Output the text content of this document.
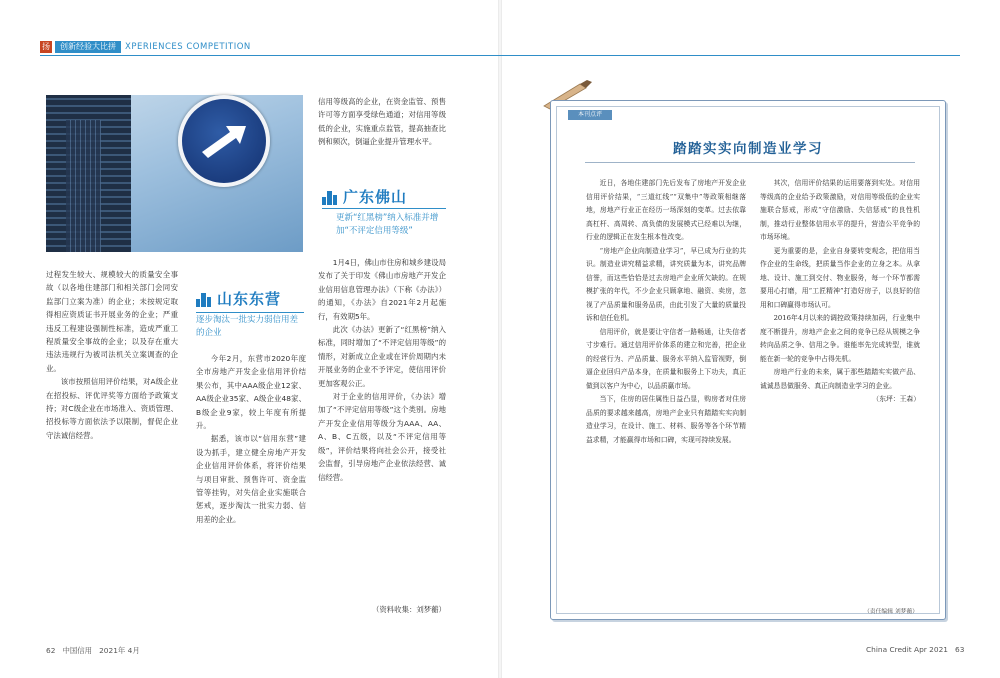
扬	创新经验大比拼	XPERIENCES COMPETITION

过程发生较大、规模较大的质量安全事故（以各地住建部门和相关部门会同安监部门立案为准）的企业；未按规定取得相应资质证书开展业务的企业；严重违反工程建设强制性标准，造成严重工程质量安全事故的企业；以及存在重大违法违规行为被司法机关立案调查的企业。

该市按照信用评价结果，对A级企业在招投标、评优评奖等方面给予政策支持；对C级企业在市场准入、资质管理、招投标等方面依法予以限制，督促企业守法诚信经营。

山东东营
逐步淘汰一批实力弱信用差的企业

今年2月，东营市2020年度全市房地产开发企业信用评价结果公布，其中AAA级企业12家、AA级企业35家、A级企业48家、B级企业9家，较上年度有所提升。

据悉，该市以“信用东营”建设为抓手，建立健全房地产开发企业信用评价体系，将评价结果与项目审批、预售许可、资金监管等挂钩，对失信企业实施联合惩戒，逐步淘汰一批实力弱、信用差的企业。

信用等级高的企业，在资金监管、预售许可等方面享受绿色通道；对信用等级低的企业，实施重点监管，提高抽查比例和频次，倒逼企业提升管理水平。

广东佛山
更新“红黑榜”纳入标准并增加“不评定信用等级”

1月4日，佛山市住房和城乡建设局发布了关于印发《佛山市房地产开发企业信用信息管理办法》（下称《办法》）的通知，《办法》自2021年2月起施行，有效期5年。

此次《办法》更新了“红黑榜”纳入标准，同时增加了“不评定信用等级”的情形，对新成立企业或在评价周期内未开展业务的企业不予评定，使信用评价更加客观公正。

对于企业的信用评价，《办法》增加了“不评定信用等级”这个类别。房地产开发企业信用等级分为AAA、AA、A、B、C五级，以及“不评定信用等级”，评价结果将向社会公开，接受社会监督，引导房地产企业依法经营、诚信经营。

（资料收集：刘梦蘅）
本刊点评
踏踏实实向制造业学习

近日，各地住建部门先后发布了房地产开发企业信用评价结果，“三道红线”“双集中”等政策相继落地，房地产行业正在经历一场深刻的变革。过去依靠高杠杆、高周转、高负债的发展模式已经难以为继，行业的逻辑正在发生根本性改变。

“房地产企业向制造业学习”，早已成为行业的共识。制造业讲究精益求精，讲究质量为本，讲究品牌信誉，而这些恰恰是过去房地产企业所欠缺的。在规模扩张的年代，不少企业只顾拿地、融资、卖房，忽视了产品质量和服务品质，由此引发了大量的质量投诉和信任危机。

信用评价，就是要让守信者一路畅通，让失信者寸步难行。通过信用评价体系的建立和完善，把企业的经营行为、产品质量、服务水平纳入监管视野，倒逼企业回归产品本身，在质量和服务上下功夫，真正做到以客户为中心，以品质赢市场。

当下，住房的居住属性日益凸显，购房者对住房品质的要求越来越高，房地产企业只有踏踏实实向制造业学习，在设计、施工、材料、服务等各个环节精益求精，才能赢得市场和口碑，实现可持续发展。

其次，信用评价结果的运用要落到实处。对信用等级高的企业给予政策激励，对信用等级低的企业实施联合惩戒，形成“守信激励、失信惩戒”的良性机制，推动行业整体信用水平的提升，营造公平竞争的市场环境。

更为重要的是，企业自身要转变观念，把信用当作企业的生命线，把质量当作企业的立身之本。从拿地、设计、施工到交付、物业服务，每一个环节都需要用心打磨，用“工匠精神”打造好房子，以良好的信用和口碑赢得市场认可。

2016年4月以来的调控政策持续加码，行业集中度不断提升，房地产企业之间的竞争已经从规模之争转向品质之争、信用之争。谁能率先完成转型，谁就能在新一轮的竞争中占得先机。

房地产行业的未来，属于那些踏踏实实做产品、诚诚恳恳做服务、真正向制造业学习的企业。

（东坪：王森）

（责任编辑 刘梦蘅）
62 中国信用 2021年 4月	China Credit Apr 2021 63
